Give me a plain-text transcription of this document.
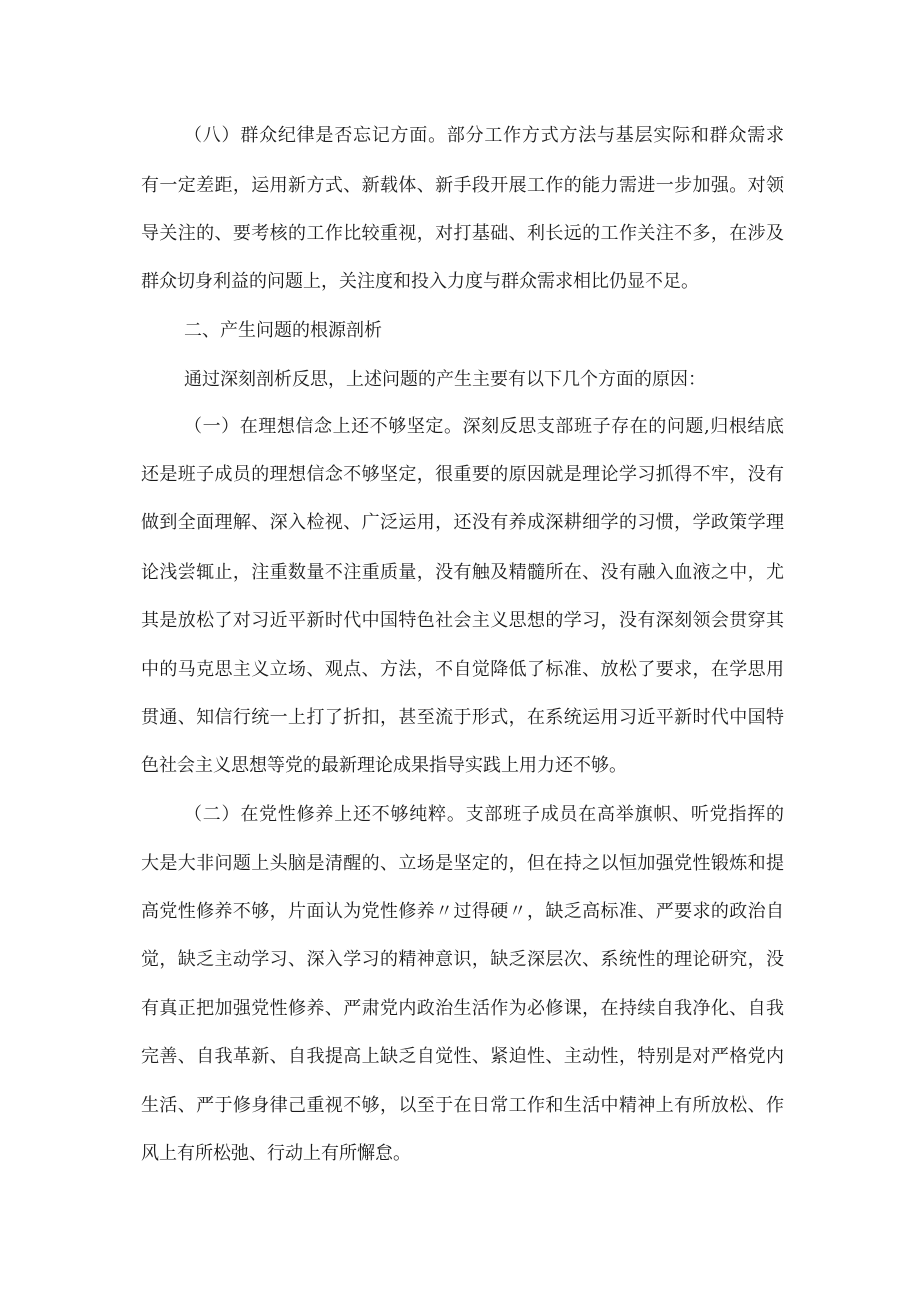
（八）群众纪律是否忘记方面。部分工作方式方法与基层实际和群众需求

有一定差距，运用新方式、新载体、新手段开展工作的能力需进一步加强。对领

导关注的、要考核的工作比较重视，对打基础、利长远的工作关注不多，在涉及

群众切身利益的问题上，关注度和投入力度与群众需求相比仍显不足。

二、产生问题的根源剖析

通过深刻剖析反思，上述问题的产生主要有以下几个方面的原因：

（一）在理想信念上还不够坚定。深刻反思支部班子存在的问题,归根结底

还是班子成员的理想信念不够坚定，很重要的原因就是理论学习抓得不牢，没有

做到全面理解、深入检视、广泛运用，还没有养成深耕细学的习惯，学政策学理

论浅尝辄止，注重数量不注重质量，没有触及精髓所在、没有融入血液之中，尤

其是放松了对习近平新时代中国特色社会主义思想的学习，没有深刻领会贯穿其

中的马克思主义立场、观点、方法，不自觉降低了标准、放松了要求，在学思用

贯通、知信行统一上打了折扣，甚至流于形式，在系统运用习近平新时代中国特

色社会主义思想等党的最新理论成果指导实践上用力还不够。

（二）在党性修养上还不够纯粹。支部班子成员在高举旗帜、听党指挥的

大是大非问题上头脑是清醒的、立场是坚定的，但在持之以恒加强党性锻炼和提

高党性修养不够，片面认为党性修养〃过得硬〃，缺乏高标准、严要求的政治自

觉，缺乏主动学习、深入学习的精神意识，缺乏深层次、系统性的理论研究，没

有真正把加强党性修养、严肃党内政治生活作为必修课，在持续自我净化、自我

完善、自我革新、自我提高上缺乏自觉性、紧迫性、主动性，特别是对严格党内

生活、严于修身律己重视不够，以至于在日常工作和生活中精神上有所放松、作

风上有所松弛、行动上有所懈怠。
